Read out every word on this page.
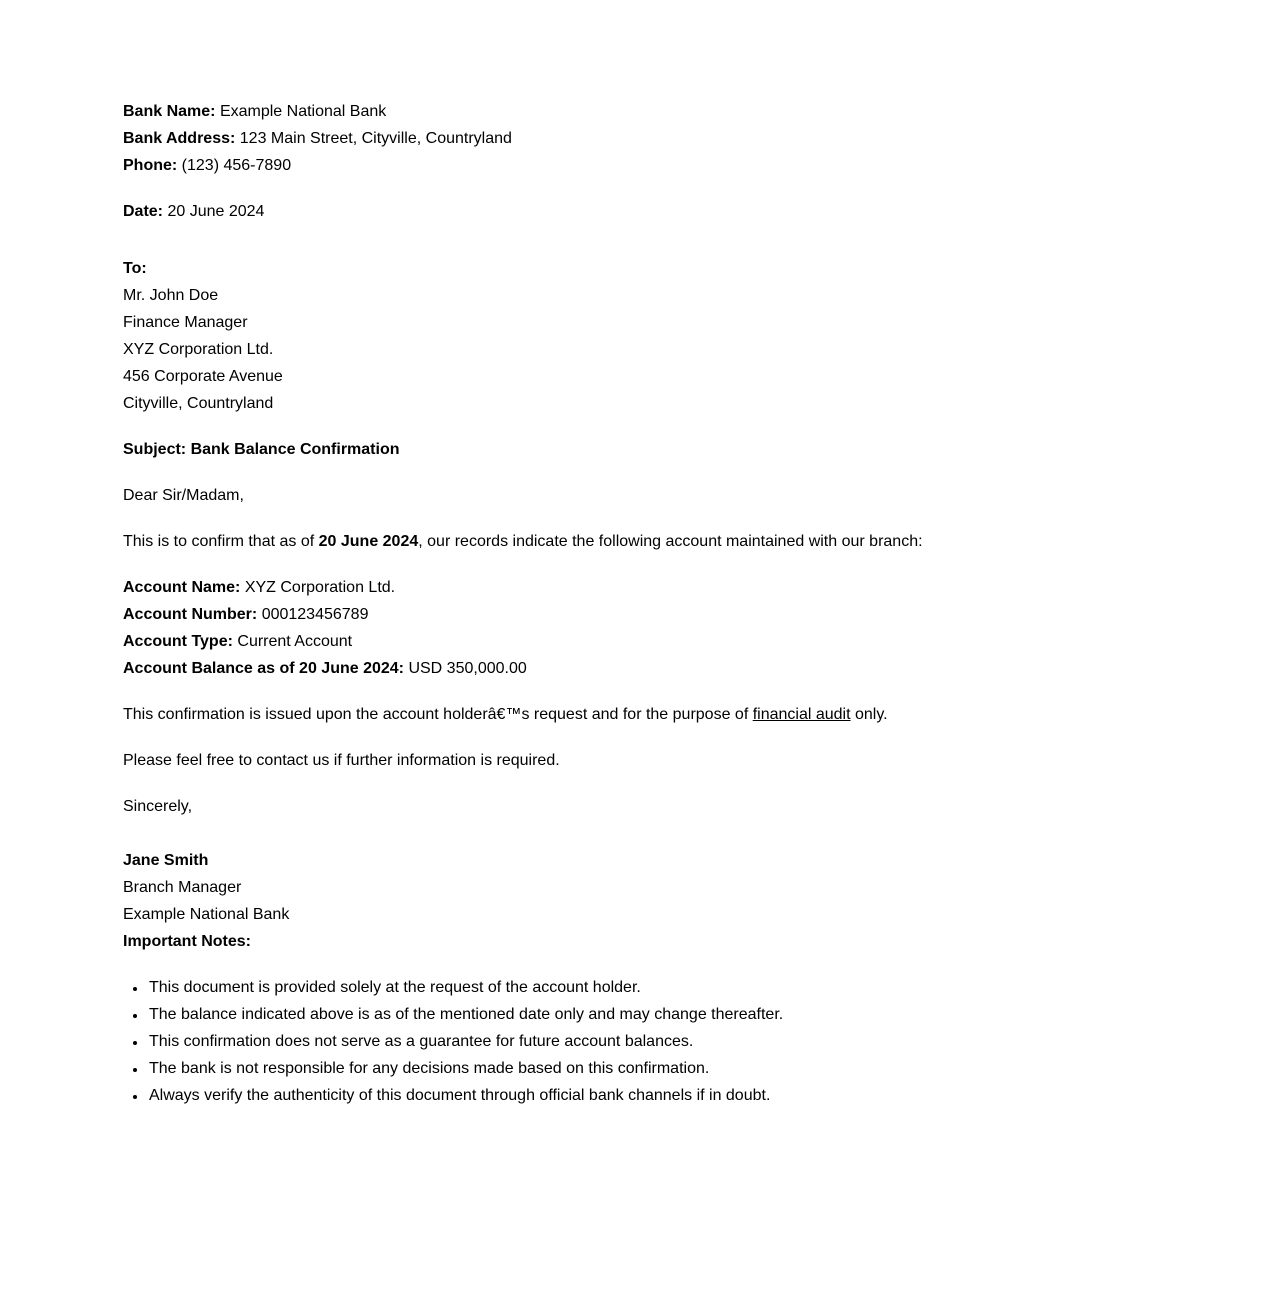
Bank Name: Example National Bank

Bank Address: 123 Main Street, Cityville, Countryland

Phone: (123) 456-7890

Date: 20 June 2024

To:

Mr. John Doe

Finance Manager

XYZ Corporation Ltd.

456 Corporate Avenue

Cityville, Countryland

Subject: Bank Balance Confirmation

Dear Sir/Madam,

This is to confirm that as of 20 June 2024, our records indicate the following account maintained with our branch:

Account Name: XYZ Corporation Ltd.

Account Number: 000123456789

Account Type: Current Account

Account Balance as of 20 June 2024: USD 350,000.00

This confirmation is issued upon the account holderâ€™s request and for the purpose of financial audit only.

Please feel free to contact us if further information is required.

Sincerely,

Jane Smith

Branch Manager

Example National Bank

Important Notes:

• This document is provided solely at the request of the account holder.
• The balance indicated above is as of the mentioned date only and may change thereafter.
• This confirmation does not serve as a guarantee for future account balances.
• The bank is not responsible for any decisions made based on this confirmation.
• Always verify the authenticity of this document through official bank channels if in doubt.
